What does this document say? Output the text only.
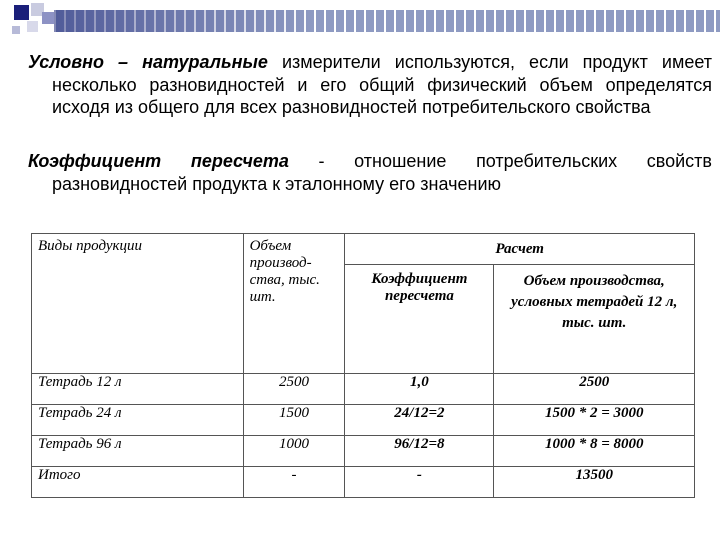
Условно – натуральные измерители используются, если продукт имеет несколько разновидностей и его общий физический объем определятся исходя из общего для всех разновидностей потребительского свойства
Коэффициент пересчета - отношение потребительских свойств разновидностей продукта к эталонному его значению
Виды продукции	Объем производ-ства, тыс. шт.	Расчет	
		Коэффициент пересчета	Объем производства, условных тетрадей 12 л, тыс. шт.
Тетрадь 12 л	2500	1,0	2500
Тетрадь 24 л	1500	24/12=2	1500 * 2 = 3000
Тетрадь 96 л	1000	96/12=8	1000 * 8 = 8000
Итого	-	-	13500
